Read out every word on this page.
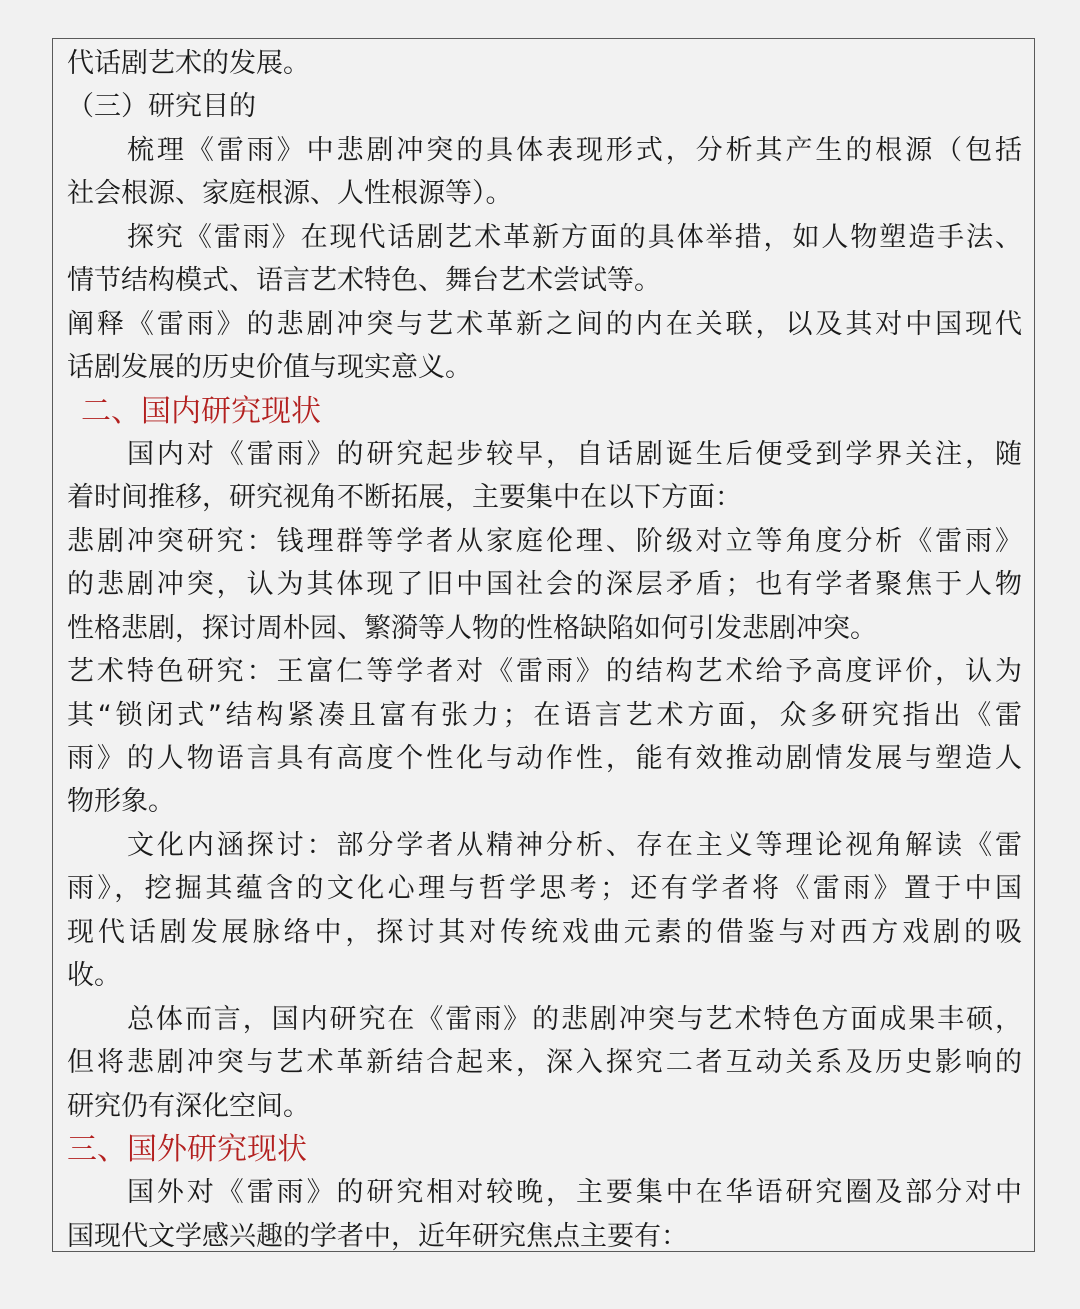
代话剧艺术的发展。
（三）研究目的
梳理《雷雨》中悲剧冲突的具体表现形式，分析其产生的根源（包括
社会根源、家庭根源、人性根源等）。
探究《雷雨》在现代话剧艺术革新方面的具体举措，如人物塑造手法、
情节结构模式、语言艺术特色、舞台艺术尝试等。
阐释《雷雨》的悲剧冲突与艺术革新之间的内在关联，以及其对中国现代
话剧发展的历史价值与现实意义。
二、国内研究现状
国内对《雷雨》的研究起步较早，自话剧诞生后便受到学界关注，随
着时间推移，研究视角不断拓展，主要集中在以下方面：
悲剧冲突研究：钱理群等学者从家庭伦理、阶级对立等角度分析《雷雨》
的悲剧冲突，认为其体现了旧中国社会的深层矛盾；也有学者聚焦于人物
性格悲剧，探讨周朴园、繁漪等人物的性格缺陷如何引发悲剧冲突。
艺术特色研究：王富仁等学者对《雷雨》的结构艺术给予高度评价，认为
其“锁闭式”结构紧凑且富有张力；在语言艺术方面，众多研究指出《雷
雨》的人物语言具有高度个性化与动作性，能有效推动剧情发展与塑造人
物形象。
文化内涵探讨：部分学者从精神分析、存在主义等理论视角解读《雷
雨》，挖掘其蕴含的文化心理与哲学思考；还有学者将《雷雨》置于中国
现代话剧发展脉络中，探讨其对传统戏曲元素的借鉴与对西方戏剧的吸
收。
总体而言，国内研究在《雷雨》的悲剧冲突与艺术特色方面成果丰硕，
但将悲剧冲突与艺术革新结合起来，深入探究二者互动关系及历史影响的
研究仍有深化空间。
三、国外研究现状
国外对《雷雨》的研究相对较晚，主要集中在华语研究圈及部分对中
国现代文学感兴趣的学者中，近年研究焦点主要有：
